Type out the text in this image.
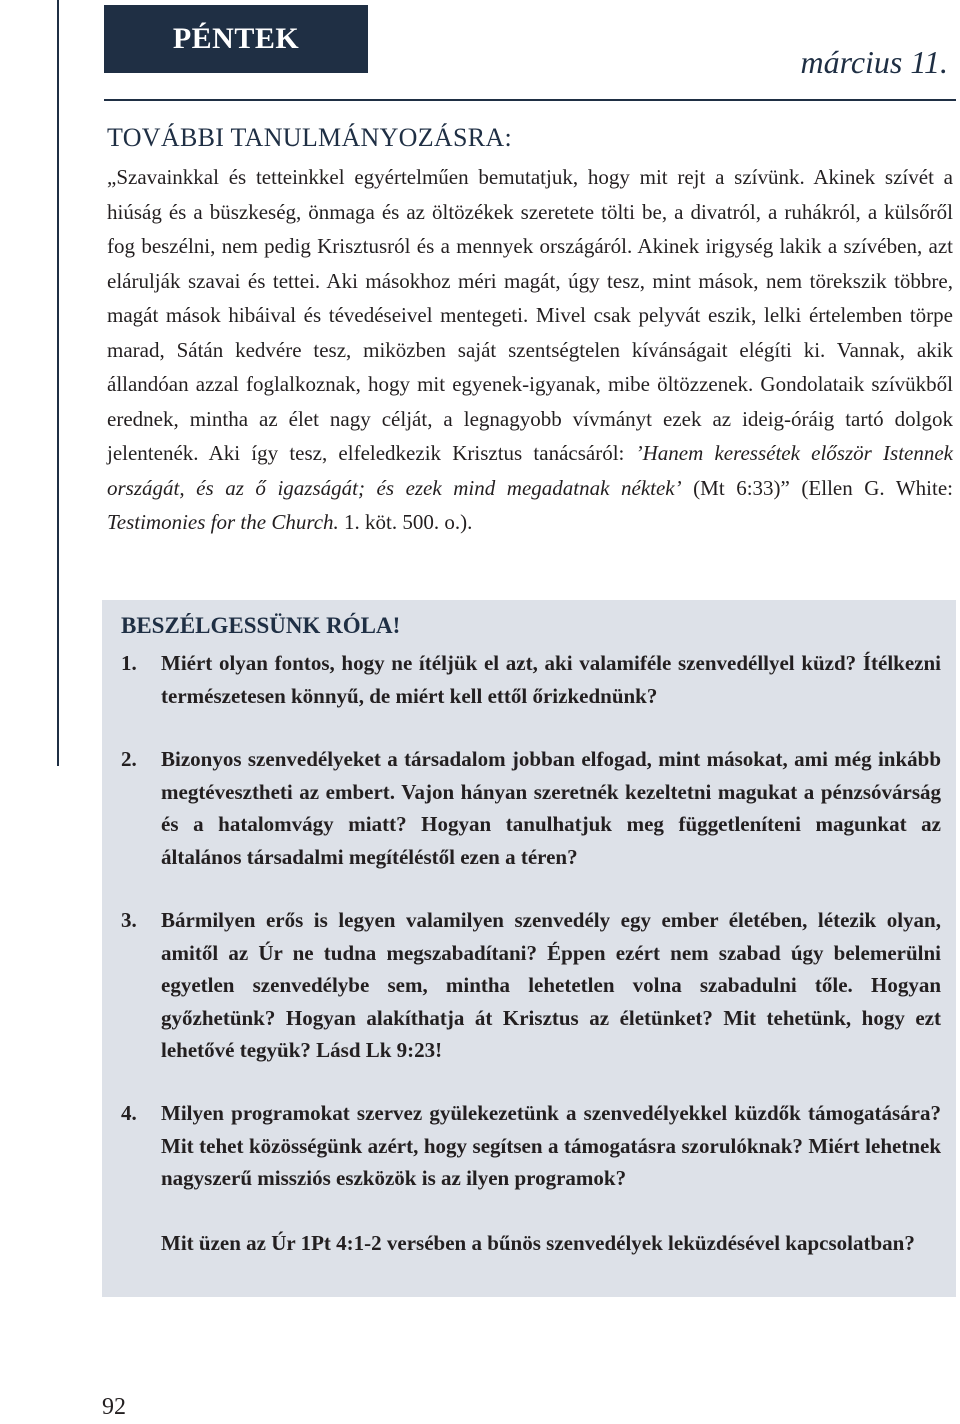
PÉNTEK
március 11.
TOVÁBBI TANULMÁNYOZÁSRA:
„Szavainkkal és tetteinkkel egyértelműen bemutatjuk, hogy mit rejt a szívünk. Akinek szívét a hiúság és a büszkeség, önmaga és az öltözékek szeretete tölti be, a divatról, a ruhákról, a külsőről fog beszélni, nem pedig Krisztusról és a mennyek országáról. Akinek irigység lakik a szívében, azt elárulják szavai és tettei. Aki másokhoz méri magát, úgy tesz, mint mások, nem törekszik többre, magát mások hibáival és tévedéseivel mentegeti. Mivel csak pelyvát eszik, lelki értelemben törpe marad, Sátán kedvére tesz, miközben saját szentségtelen kívánságait elégíti ki. Vannak, akik állandóan azzal foglalkoznak, hogy mit egyenek-igyanak, mibe öltözzenek. Gondolataik szívükből erednek, mintha az élet nagy célját, a legnagyobb vívmányt ezek az ideig-óráig tartó dolgok jelentenék. Aki így tesz, elfeledkezik Krisztus tanácsáról: ’Hanem keressétek először Istennek országát, és az ő igazságát; és ezek mind megadatnak néktek’ (Mt 6:33)” (Ellen G. White: Testimonies for the Church. 1. köt. 500. o.).
BESZÉLGESSÜNK RÓLA!
1. Miért olyan fontos, hogy ne ítéljük el azt, aki valamiféle szenvedéllyel küzd? Ítélkezni természetesen könnyű, de miért kell ettől őrizkednünk?
2. Bizonyos szenvedélyeket a társadalom jobban elfogad, mint másokat, ami még inkább megtévesztheti az embert. Vajon hányan szeretnék kezeltetni magukat a pénzsóvárság és a hatalomvágy miatt? Hogyan tanulhatjuk meg függetleníteni magunkat az általános társadalmi megítéléstől ezen a téren?
3. Bármilyen erős is legyen valamilyen szenvedély egy ember életében, létezik olyan, amitől az Úr ne tudna megszabadítani? Éppen ezért nem szabad úgy belemerülni egyetlen szenvedélybe sem, mintha lehetetlen volna szabadulni tőle. Hogyan győzhetünk? Hogyan alakíthatja át Krisztus az életünket? Mit tehetünk, hogy ezt lehetővé tegyük? Lásd Lk 9:23!
4. Milyen programokat szervez gyülekezetünk a szenvedélyekkel küzdők támogatására? Mit tehet közösségünk azért, hogy segítsen a támogatásra szorulóknak? Miért lehetnek nagyszerű missziós eszközök is az ilyen programok?
Mit üzen az Úr 1Pt 4:1-2 versében a bűnös szenvedélyek leküzdésével kapcsolatban?
92
